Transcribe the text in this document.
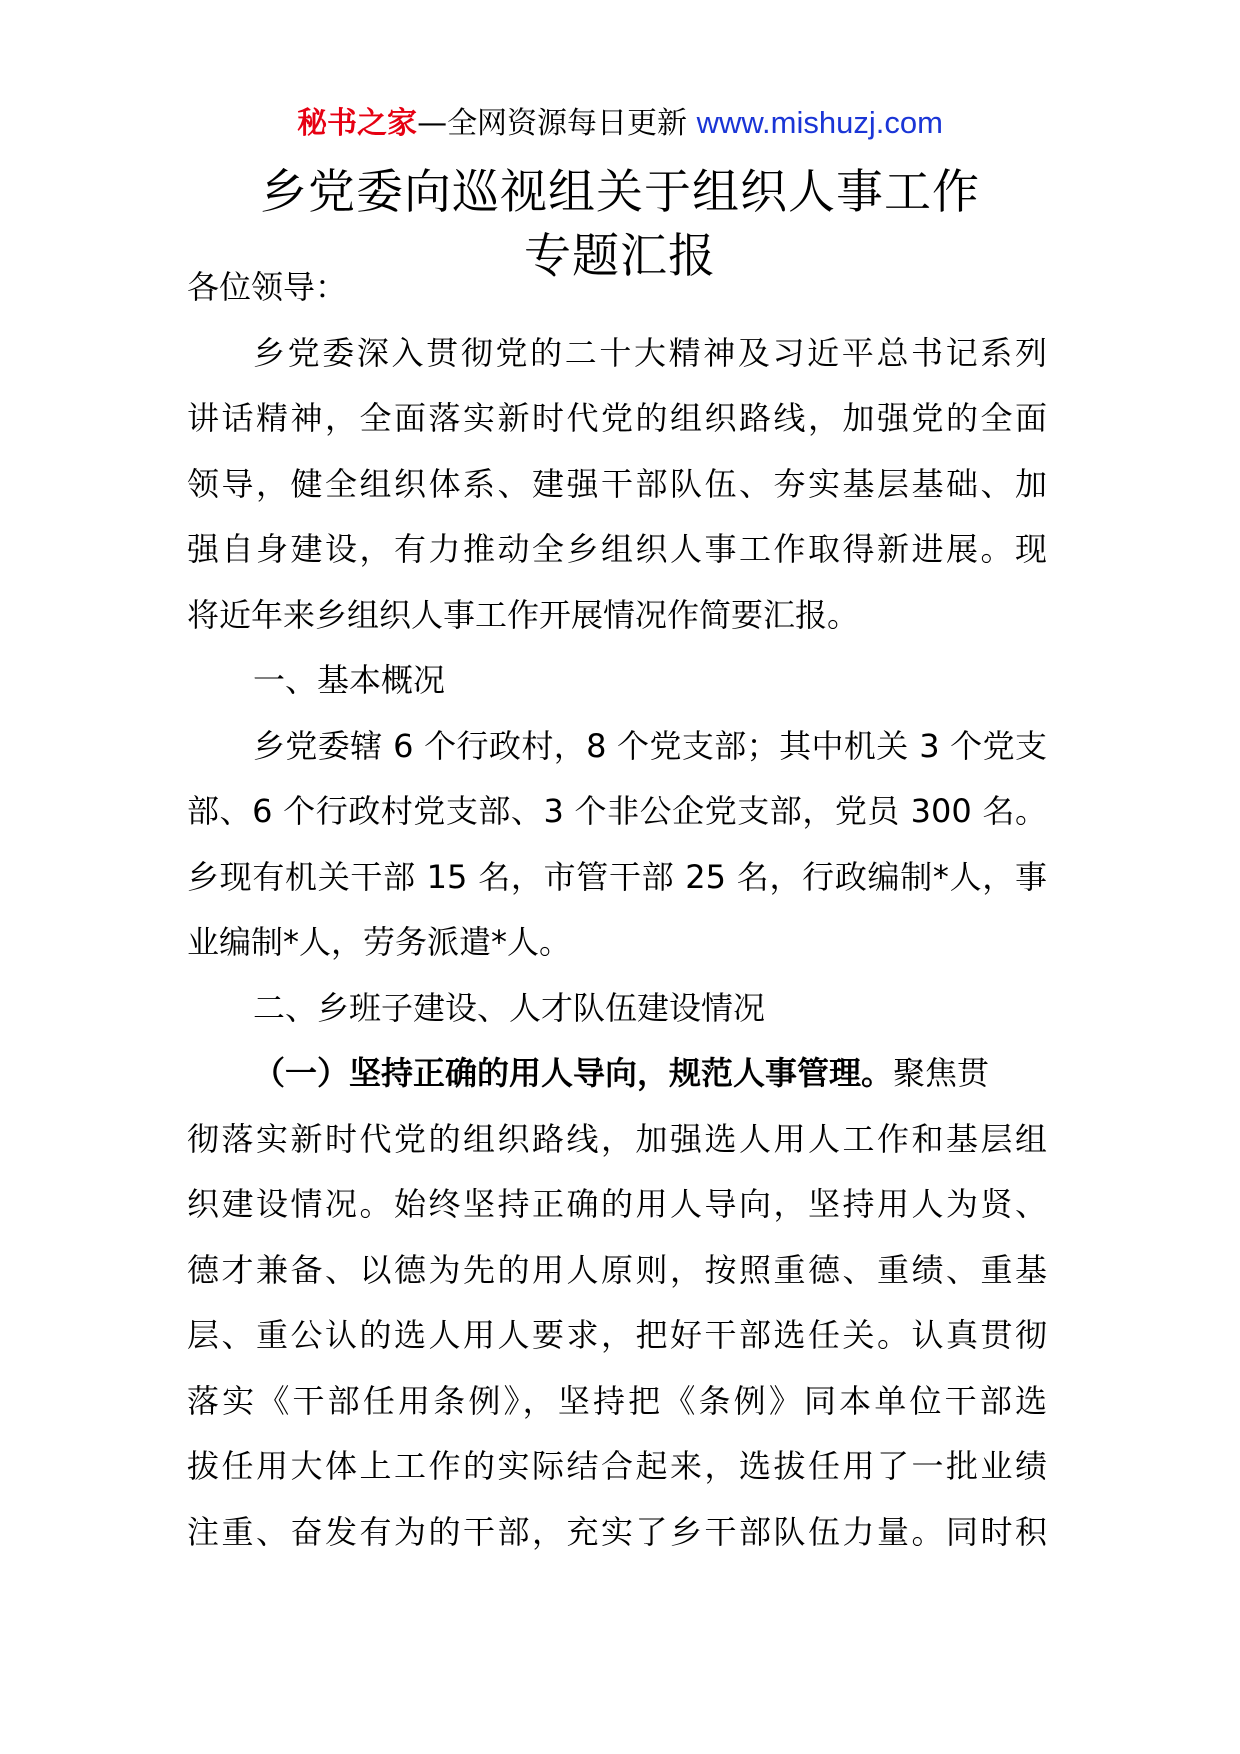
秘书之家—全网资源每日更新 www.mishuzj.com
乡党委向巡视组关于组织人事工作
专题汇报
各位领导：
乡党委深入贯彻党的二十大精神及习近平总书记系列
讲话精神，全面落实新时代党的组织路线，加强党的全面
领导，健全组织体系、建强干部队伍、夯实基层基础、加
强自身建设，有力推动全乡组织人事工作取得新进展。现
将近年来乡组织人事工作开展情况作简要汇报。
一、基本概况
乡党委辖 6 个行政村，8 个党支部；其中机关 3 个党支
部、6 个行政村党支部、3 个非公企党支部，党员 300 名。
乡现有机关干部 15 名，市管干部 25 名，行政编制*人，事
业编制*人，劳务派遣*人。
二、乡班子建设、人才队伍建设情况
（一）坚持正确的用人导向，规范人事管理。聚焦贯
彻落实新时代党的组织路线，加强选人用人工作和基层组
织建设情况。始终坚持正确的用人导向，坚持用人为贤、
德才兼备、以德为先的用人原则，按照重德、重绩、重基
层、重公认的选人用人要求，把好干部选任关。认真贯彻
落实《干部任用条例》，坚持把《条例》同本单位干部选
拔任用大体上工作的实际结合起来，选拔任用了一批业绩
注重、奋发有为的干部，充实了乡干部队伍力量。同时积
